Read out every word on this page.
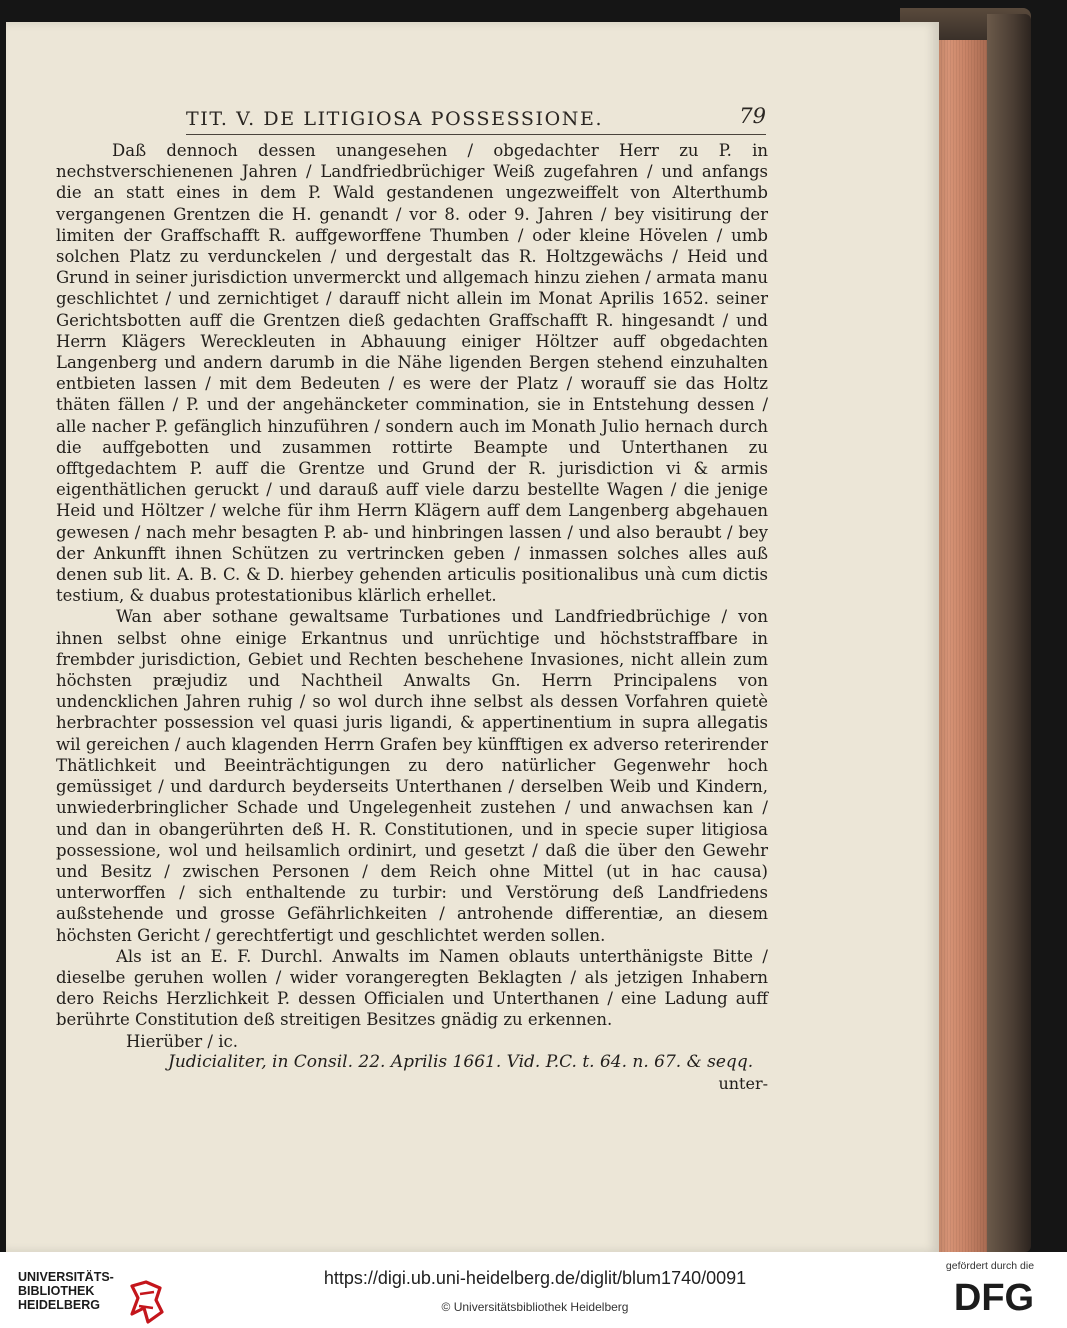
TIT. V. DE LITIGIOSA POSSESSIONE.	79

Daß dennoch dessen unangesehen / obgedachter Herr zu P. in nechstverschienenen Jahren / Landfriedbrüchiger Weiß zugefahren / und anfangs die an statt eines in dem P. Wald gestandenen ungezweiffelt von Alterthumb vergangenen Grentzen die H. genandt / vor 8. oder 9. Jahren / bey visitirung der limiten der Graffschafft R. auffgeworffene Thumben / oder kleine Hövelen / umb solchen Platz zu verdunckelen / und dergestalt das R. Holtzgewächs / Heid und Grund in seiner jurisdiction unvermerckt und allgemach hinzu ziehen / armata manu geschlichtet / und zernichtiget / darauff nicht allein im Monat Aprilis 1652. seiner Gerichtsbotten auff die Grentzen dieß gedachten Graffschafft R. hingesandt / und Herrn Klägers Wereckleuten in Abhauung einiger Höltzer auff obgedachten Langenberg und andern darumb in die Nähe ligenden Bergen stehend einzuhalten entbieten lassen / mit dem Bedeuten / es were der Platz / worauff sie das Holtz thäten fällen / P. und der angehäncketer commination, sie in Entstehung dessen / alle nacher P. gefänglich hinzuführen / sondern auch im Monath Julio hernach durch die auffgebotten und zusammen rottirte Beampte und Unterthanen zu offtgedachtem P. auff die Grentze und Grund der R. jurisdiction vi & armis eigenthätlichen geruckt / und darauß auff viele darzu bestellte Wagen / die jenige Heid und Höltzer / welche für ihm Herrn Klägern auff dem Langenberg abgehauen gewesen / nach mehr besagten P. ab- und hinbringen lassen / und also beraubt / bey der Ankunfft ihnen Schützen zu vertrincken geben / inmassen solches alles auß denen sub lit. A. B. C. & D. hierbey gehenden articulis positionalibus unà cum dictis testium, & duabus protestationibus klärlich erhellet.

Wan aber sothane gewaltsame Turbationes und Landfriedbrüchige / von ihnen selbst ohne einige Erkantnus und unrüchtige und höchststraffbare in frembder jurisdiction, Gebiet und Rechten beschehene Invasiones, nicht allein zum höchsten præjudiz und Nachtheil Anwalts Gn. Herrn Principalens von undencklichen Jahren ruhig / so wol durch ihne selbst als dessen Vorfahren quietè herbrachter possession vel quasi juris ligandi, & appertinentium in supra allegatis wil gereichen / auch klagenden Herrn Grafen bey künfftigen ex adverso reterirender Thätlichkeit und Beeinträchtigungen zu dero natürlicher Gegenwehr hoch gemüssiget / und dardurch beyderseits Unterthanen / derselben Weib und Kindern, unwiederbringlicher Schade und Ungelegenheit zustehen / und anwachsen kan / und dan in obangerührten deß H. R. Constitutionen, und in specie super litigiosa possessione, wol und heilsamlich ordinirt, und gesetzt / daß die über den Gewehr und Besitz / zwischen Personen / dem Reich ohne Mittel (ut in hac causa) unterworffen / sich enthaltende zu turbir: und Verstörung deß Landfriedens außstehende und grosse Gefährlichkeiten / antrohende differentiæ, an diesem höchsten Gericht / gerechtfertigt und geschlichtet werden sollen.

Als ist an E. F. Durchl. Anwalts im Namen oblauts unterthänigste Bitte / dieselbe geruhen wollen / wider vorangeregten Beklagten / als jetzigen Inhabern dero Reichs Herzlichkeit P. dessen Officialen und Unterthanen / eine Ladung auff berührte Constitution deß streitigen Besitzes gnädig zu erkennen.

Hierüber / ic.

Judicialiter, in Consil. 22. Aprilis 1661. Vid. P.C. t. 64. n. 67. & seqq.

unter-

UNIVERSITÄTS-
BIBLIOTHEK
HEIDELBERG
https://digi.ub.uni-heidelberg.de/diglit/blum1740/0091
© Universitätsbibliothek Heidelberg
gefördert durch die
DFG
